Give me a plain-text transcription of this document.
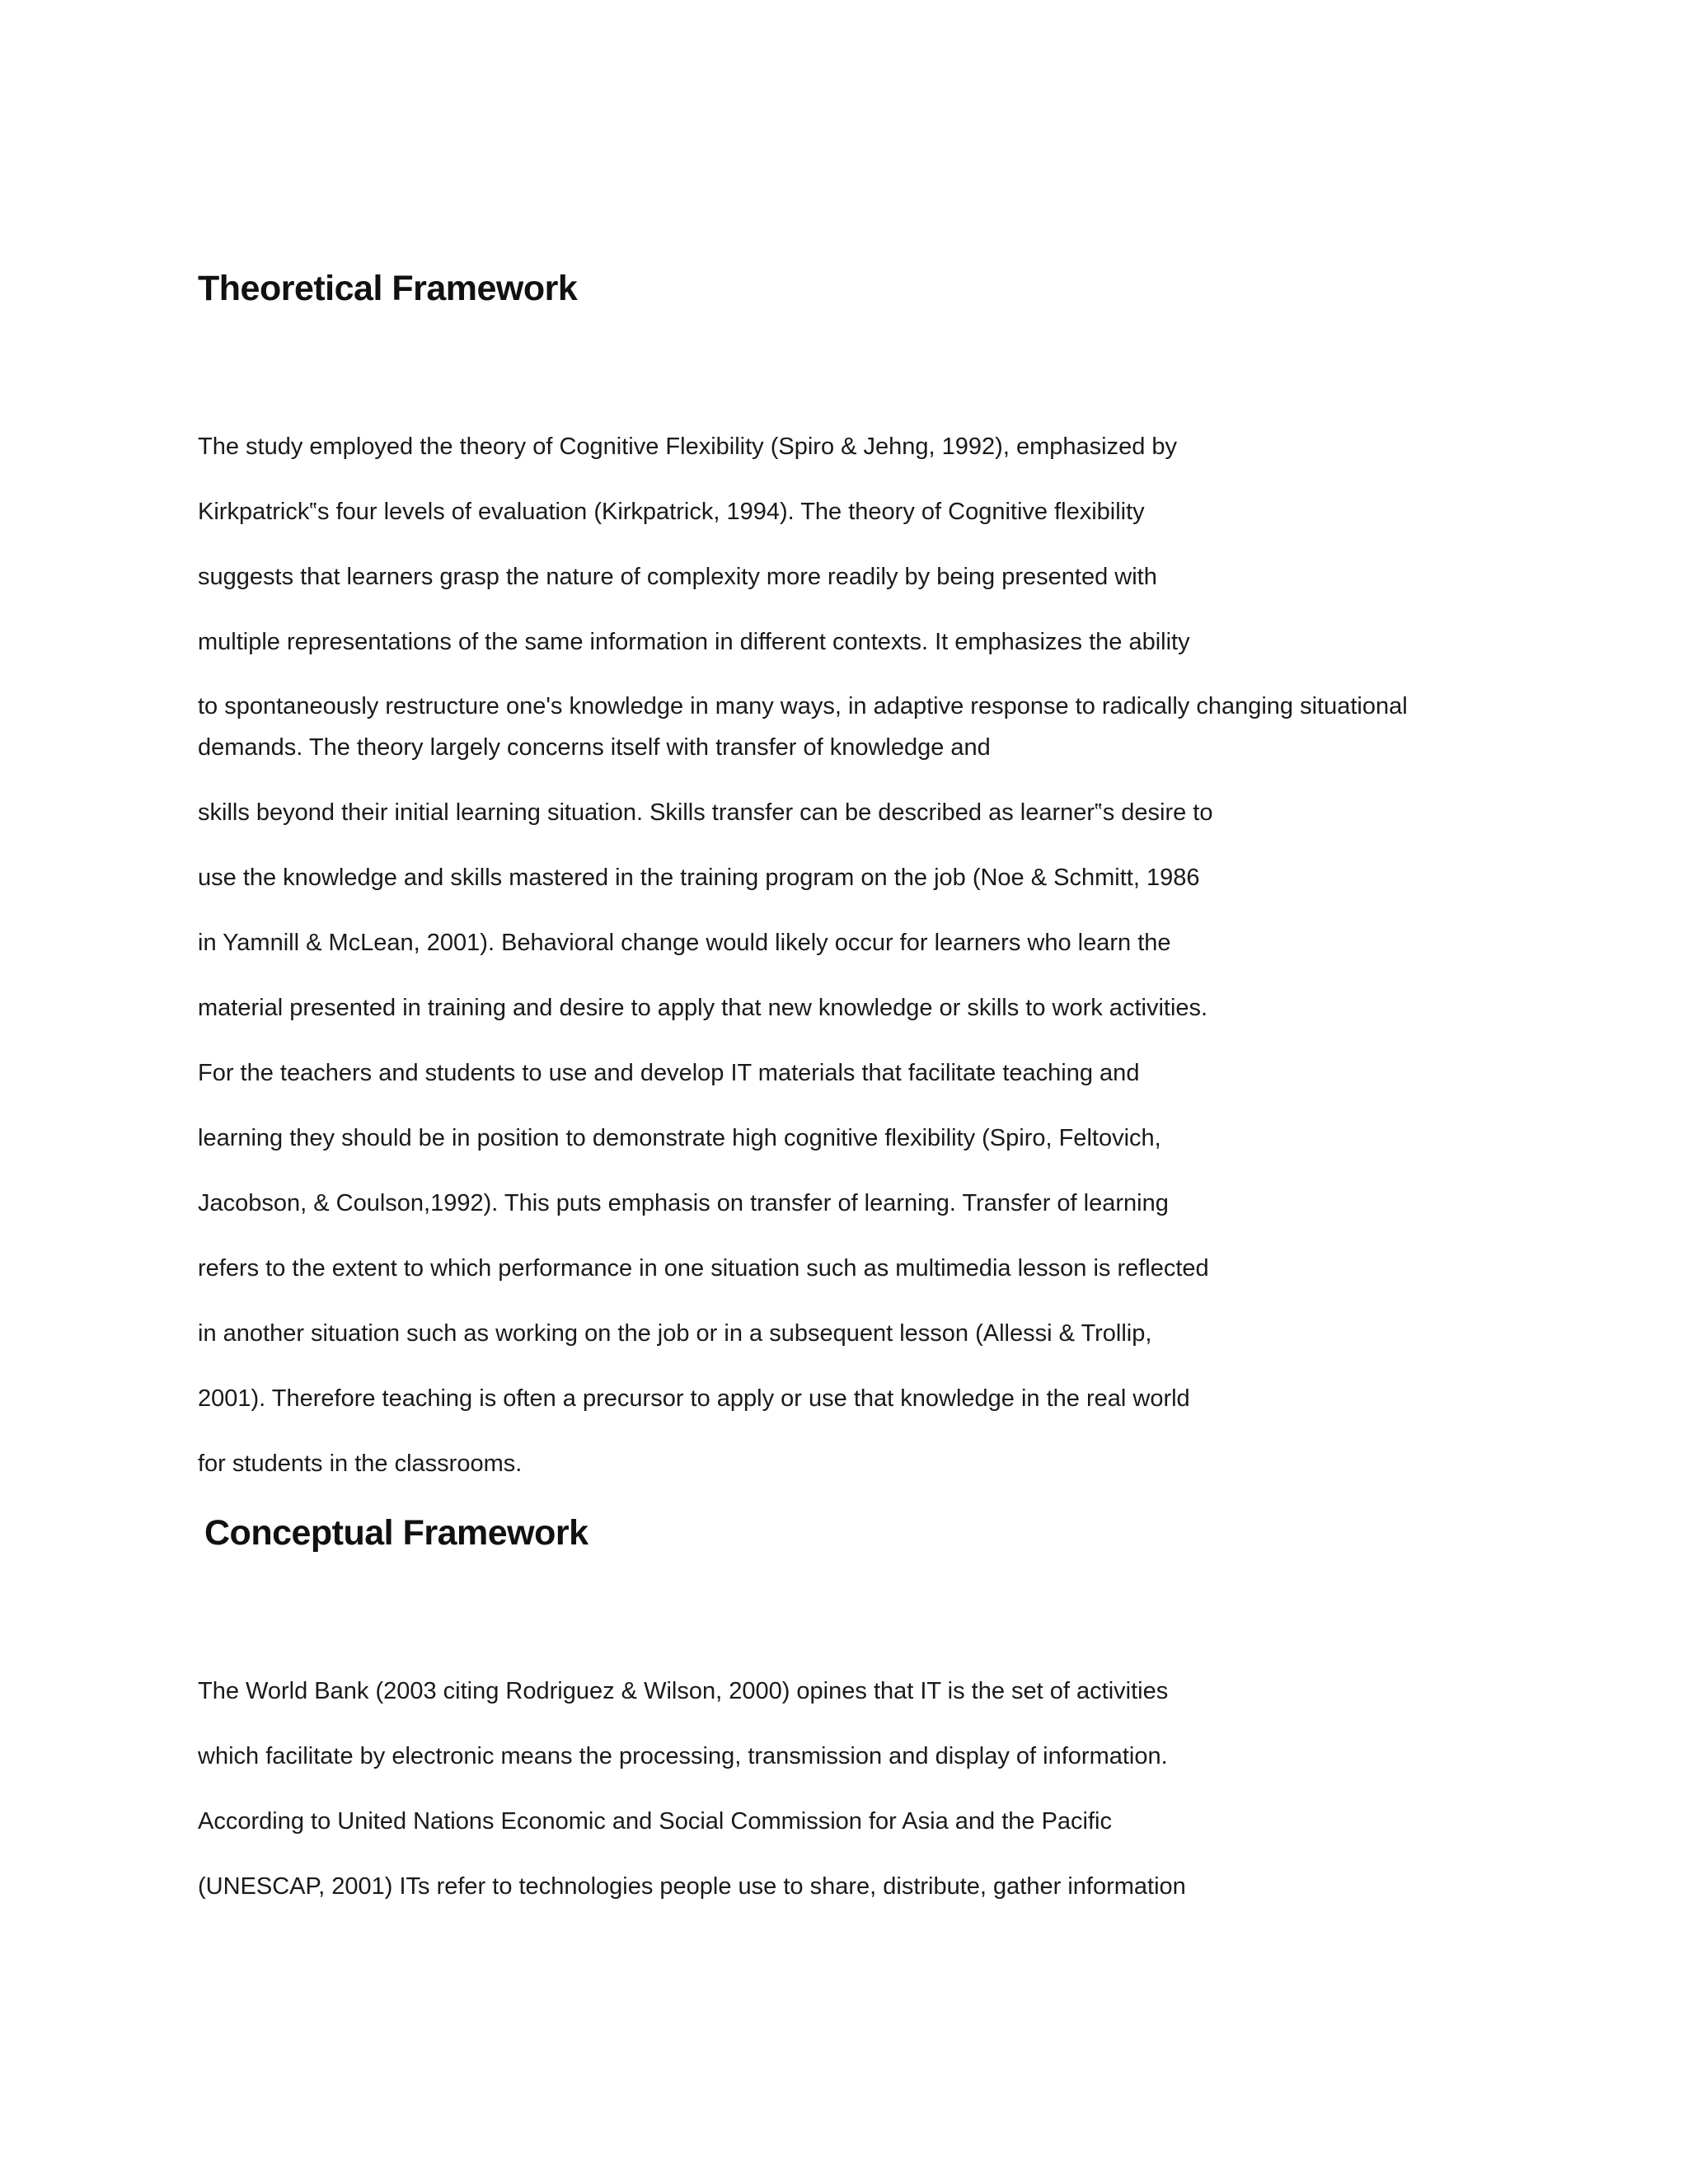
Theoretical Framework

The study employed the theory of Cognitive Flexibility (Spiro & Jehng, 1992), emphasized by

Kirkpatrick‟s four levels of evaluation (Kirkpatrick, 1994). The theory of Cognitive flexibility

suggests that learners grasp the nature of complexity more readily by being presented with

multiple representations of the same information in different contexts. It emphasizes the ability

to spontaneously restructure one's knowledge in many ways, in adaptive response to radically changing situational

demands. The theory largely concerns itself with transfer of knowledge and

skills beyond their initial learning situation. Skills transfer can be described as learner‟s desire to

use the knowledge and skills mastered in the training program on the job (Noe & Schmitt, 1986

in Yamnill & McLean, 2001). Behavioral change would likely occur for learners who learn the

material presented in training and desire to apply that new knowledge or skills to work activities.

For the teachers and students to use and develop IT materials that facilitate teaching and

learning they should be in position to demonstrate high cognitive flexibility (Spiro, Feltovich,

Jacobson, & Coulson,1992). This puts emphasis on transfer of learning. Transfer of learning

refers to the extent to which performance in one situation such as multimedia lesson is reflected

in another situation such as working on the job or in a subsequent lesson (Allessi & Trollip,

2001). Therefore teaching is often a precursor to apply or use that knowledge in the real world

for students in the classrooms.

Conceptual Framework

The World Bank (2003 citing Rodriguez & Wilson, 2000) opines that IT is the set of activities

which facilitate by electronic means the processing, transmission and display of information.

According to United Nations Economic and Social Commission for Asia and the Pacific

(UNESCAP, 2001) ITs refer to technologies people use to share, distribute, gather information
